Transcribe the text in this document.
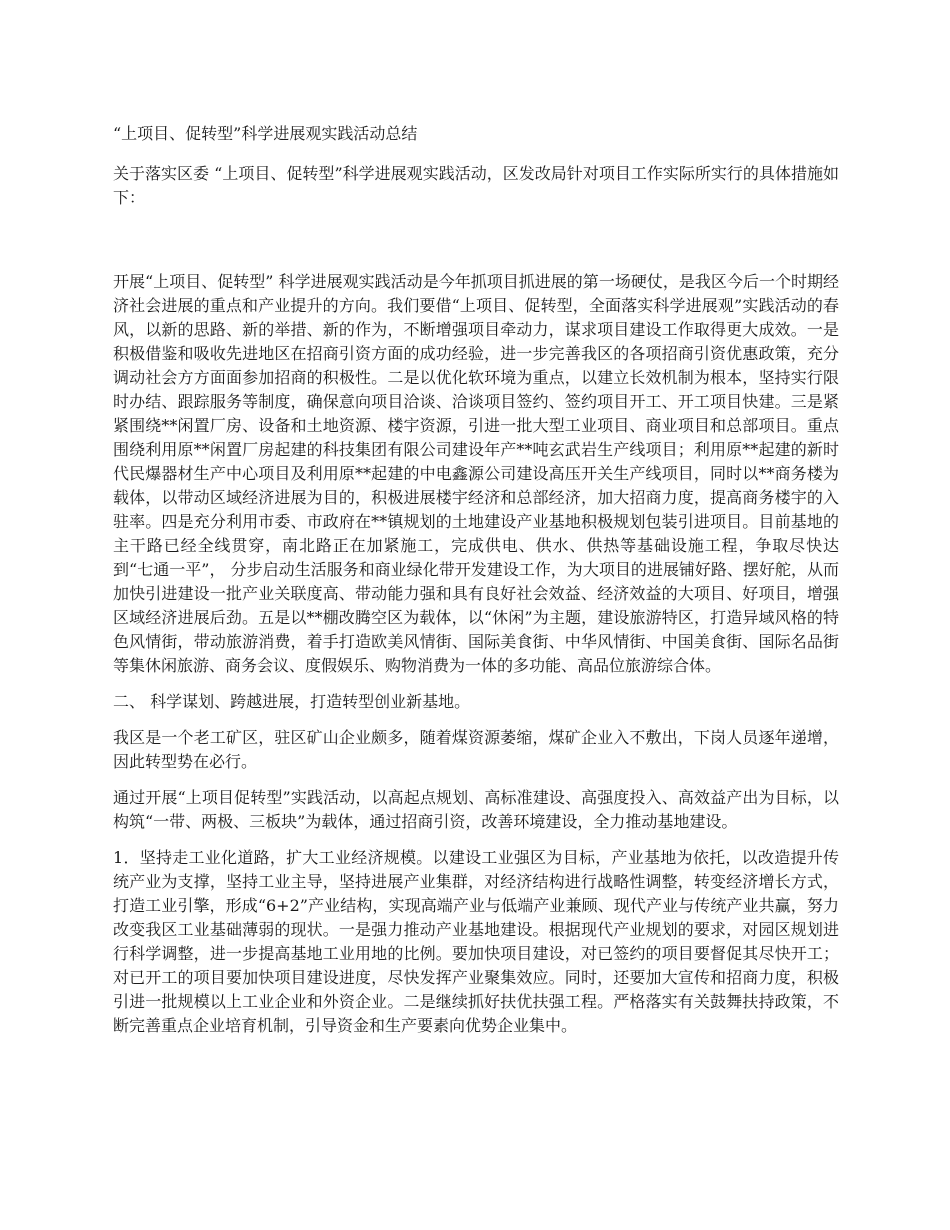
“上项目、促转型”科学进展观实践活动总结

关于落实区委 “上项目、促转型”科学进展观实践活动，区发改局针对项目工作实际所实行的具体措施如下：

开展“上项目、促转型” 科学进展观实践活动是今年抓项目抓进展的第一场硬仗，是我区今后一个时期经济社会进展的重点和产业提升的方向。我们要借“上项目、促转型，全面落实科学进展观”实践活动的春风，以新的思路、新的举措、新的作为，不断增强项目牵动力，谋求项目建设工作取得更大成效。一是积极借鉴和吸收先进地区在招商引资方面的成功经验，进一步完善我区的各项招商引资优惠政策，充分调动社会方方面面参加招商的积极性。二是以优化软环境为重点，以建立长效机制为根本，坚持实行限时办结、跟踪服务等制度，确保意向项目洽谈、洽谈项目签约、签约项目开工、开工项目快建。三是紧紧围绕**闲置厂房、设备和土地资源、楼宇资源，引进一批大型工业项目、商业项目和总部项目。重点围绕利用原**闲置厂房起建的科技集团有限公司建设年产**吨玄武岩生产线项目；利用原**起建的新时代民爆器材生产中心项目及利用原**起建的中电鑫源公司建设高压开关生产线项目，同时以**商务楼为载体，以带动区域经济进展为目的，积极进展楼宇经济和总部经济，加大招商力度，提高商务楼宇的入驻率。四是充分利用市委、市政府在**镇规划的土地建设产业基地积极规划包装引进项目。目前基地的主干路已经全线贯穿，南北路正在加紧施工，完成供电、供水、供热等基础设施工程，争取尽快达到“七通一平”， 分步启动生活服务和商业绿化带开发建设工作，为大项目的进展铺好路、摆好舵，从而加快引进建设一批产业关联度高、带动能力强和具有良好社会效益、经济效益的大项目、好项目，增强区域经济进展后劲。五是以**棚改腾空区为载体，以“休闲”为主题，建设旅游特区，打造异域风格的特色风情街，带动旅游消费，着手打造欧美风情街、国际美食街、中华风情街、中国美食街、国际名品街等集休闲旅游、商务会议、度假娱乐、购物消费为一体的多功能、高品位旅游综合体。

二、 科学谋划、跨越进展，打造转型创业新基地。

我区是一个老工矿区，驻区矿山企业颇多，随着煤资源萎缩，煤矿企业入不敷出，下岗人员逐年递增，因此转型势在必行。

通过开展“上项目促转型”实践活动，以高起点规划、高标准建设、高强度投入、高效益产出为目标，以构筑“一带、两极、三板块”为载体，通过招商引资，改善环境建设，全力推动基地建设。

1．坚持走工业化道路，扩大工业经济规模。以建设工业强区为目标，产业基地为依托，以改造提升传统产业为支撑，坚持工业主导，坚持进展产业集群，对经济结构进行战略性调整，转变经济增长方式，打造工业引擎，形成“6+2”产业结构，实现高端产业与低端产业兼顾、现代产业与传统产业共赢，努力改变我区工业基础薄弱的现状。一是强力推动产业基地建设。根据现代产业规划的要求，对园区规划进行科学调整，进一步提高基地工业用地的比例。要加快项目建设，对已签约的项目要督促其尽快开工；对已开工的项目要加快项目建设进度，尽快发挥产业聚集效应。同时，还要加大宣传和招商力度，积极引进一批规模以上工业企业和外资企业。二是继续抓好扶优扶强工程。严格落实有关鼓舞扶持政策，不断完善重点企业培育机制，引导资金和生产要素向优势企业集中。
